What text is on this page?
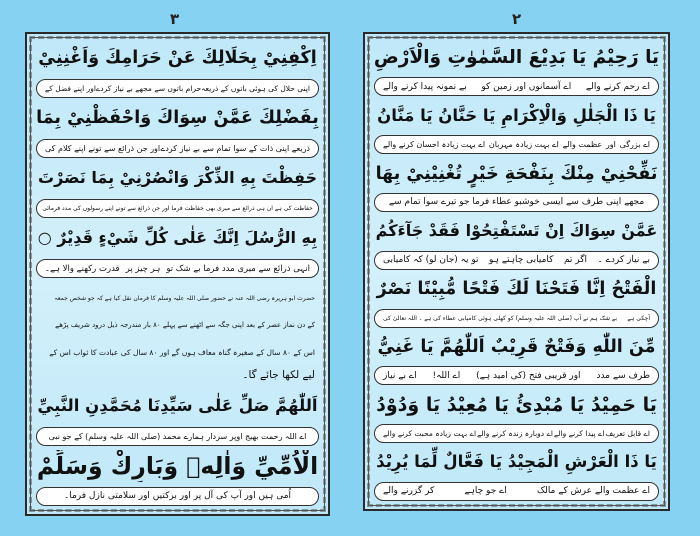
٣	٢
اِكْفِنِيْ بِحَلَالِكَ عَنْ حَرَامِكَ وَاَغْنِنِيْ
اپنی حلال کی ہوئی باتوں کے ذریعہ
حرام باتوں سے مجھے بے نیاز کردے
اور اپنے فضل کے
بِفَضْلِكَ عَمَّنْ سِوَاكَ وَاحْفَظْنِيْ بِمَا
ذریعے اپنی ذات کے سوا تمام سے بے نیاز کردے
اور جن ذرائع سے تونے اپنے کلام کی
حَفِظْتَ بِهِ الذِّكْرَ وَانْصُرْنِيْ بِمَا نَصَرْتَ
حفاظت کی ہے ان ہی ذرائع سے میری بھی حفاظت فرما اور جن ذرائع سے تونے اپنے رسولوں کی مدد فرمائی
بِهِ الرُّسُلَ اِنَّكَ عَلٰى كُلِّ شَيْءٍ قَدِيْرٌ ○
انہی ذرائع سے میری مدد فرما بے شک تو
ہر چیز پر
قدرت رکھنے والا ہے۔
حضرت ابو ہریرہ رضی اللہ عنہ نے حضور صلی اللہ علیہ وسلم کا فرمان نقل کیا ہے کہ جو شخص جمعہ
کے دن نماز عصر کے بعد اپنی جگہ سے اٹھنے سے پہلے ۸۰ بار مندرجہ ذیل درود شریف پڑھے
اس کے ۸۰ سال کے صغیرہ گناہ معاف ہوں گے اور ۸۰ سال کی عبادت کا ثواب اس کے
لیے لکھا جائے گا۔
اَللّٰهُمَّ صَلِّ عَلٰى سَيِّدِنَا مُحَمَّدِنِ النَّبِيِّ
اے اللہ رحمت بھیج اوپر سردار ہمارے محمد (صلی اللہ علیہ وسلم) کے جو نبی
الْاُمِّيِّ وَاٰلِهٖ وَبَارِكْ وَسَلِّمْ
اُمی ہیں اور آپ کی آل پر اور برکتیں اور سلامتی نازل فرما۔
يَا رَحِيْمُ يَا بَدِيْعَ السَّمٰوٰتِ وَالْاَرْضِ
اے رحم کرنے والے
اے آسمانوں اور زمین کو
بے نمونہ پیدا کرنے والے
يَا ذَا الْجَلٰلِ وَالْاِكْرَامِ يَا حَنَّانُ يَا مَنَّانُ
اے بزرگی
اور
عظمت والے
اے بہت زیادہ مہربان
اے بہت زیادہ احسان کرنے والے
نَفِّحْنِيْ مِنْكَ بِنَفْحَةِ خَيْرٍ تُغْنِيْنِيْ بِهَا
مجھے اپنی طرف سے ایسی خوشبو عطاء فرما جو تیرے سوا تمام سے
عَمَّنْ سِوَاكَ اِنْ تَسْتَفْتِحُوْا فَقَدْ جَآءَكُمُ
بے نیاز کردے ۔
اگر تم
کامیابی چاہتے ہو
تو یہ (جان لو) کہ کامیابی
الْفَتْحُ اِنَّا فَتَحْنَا لَكَ فَتْحًا مُّبِيْنًا نَصْرٌ
آچکی ہے
بے شک ہم نے آپ (صلی اللہ علیہ وسلم) کو کھلی ہوئی کامیابی عطاء کی ہے ۔ اللہ تعالیٰ کی
مِّنَ اللّٰهِ وَفَتْحٌ قَرِيْبٌ اَللّٰهُمَّ يَا غَنِيُّ
طرف سے مدد
اور قریبی فتح (کی امید ہے)
اے اللہ!
اے بے نیاز
يَا حَمِيْدُ يَا مُبْدِئُ يَا مُعِيْدُ يَا وَدُوْدُ
اے قابل تعریف
اے پیدا کرنے والے
اے دوبارہ زندہ کرنے والے
اے بہت زیادہ محبت کرنے والے
يَا ذَا الْعَرْشِ الْمَجِيْدُ يَا فَعَّالٌ لِّمَا يُرِيْدُ
اے عظمت والے عرش کے مالک
اے جو چاہے
کر گزرنے والے
